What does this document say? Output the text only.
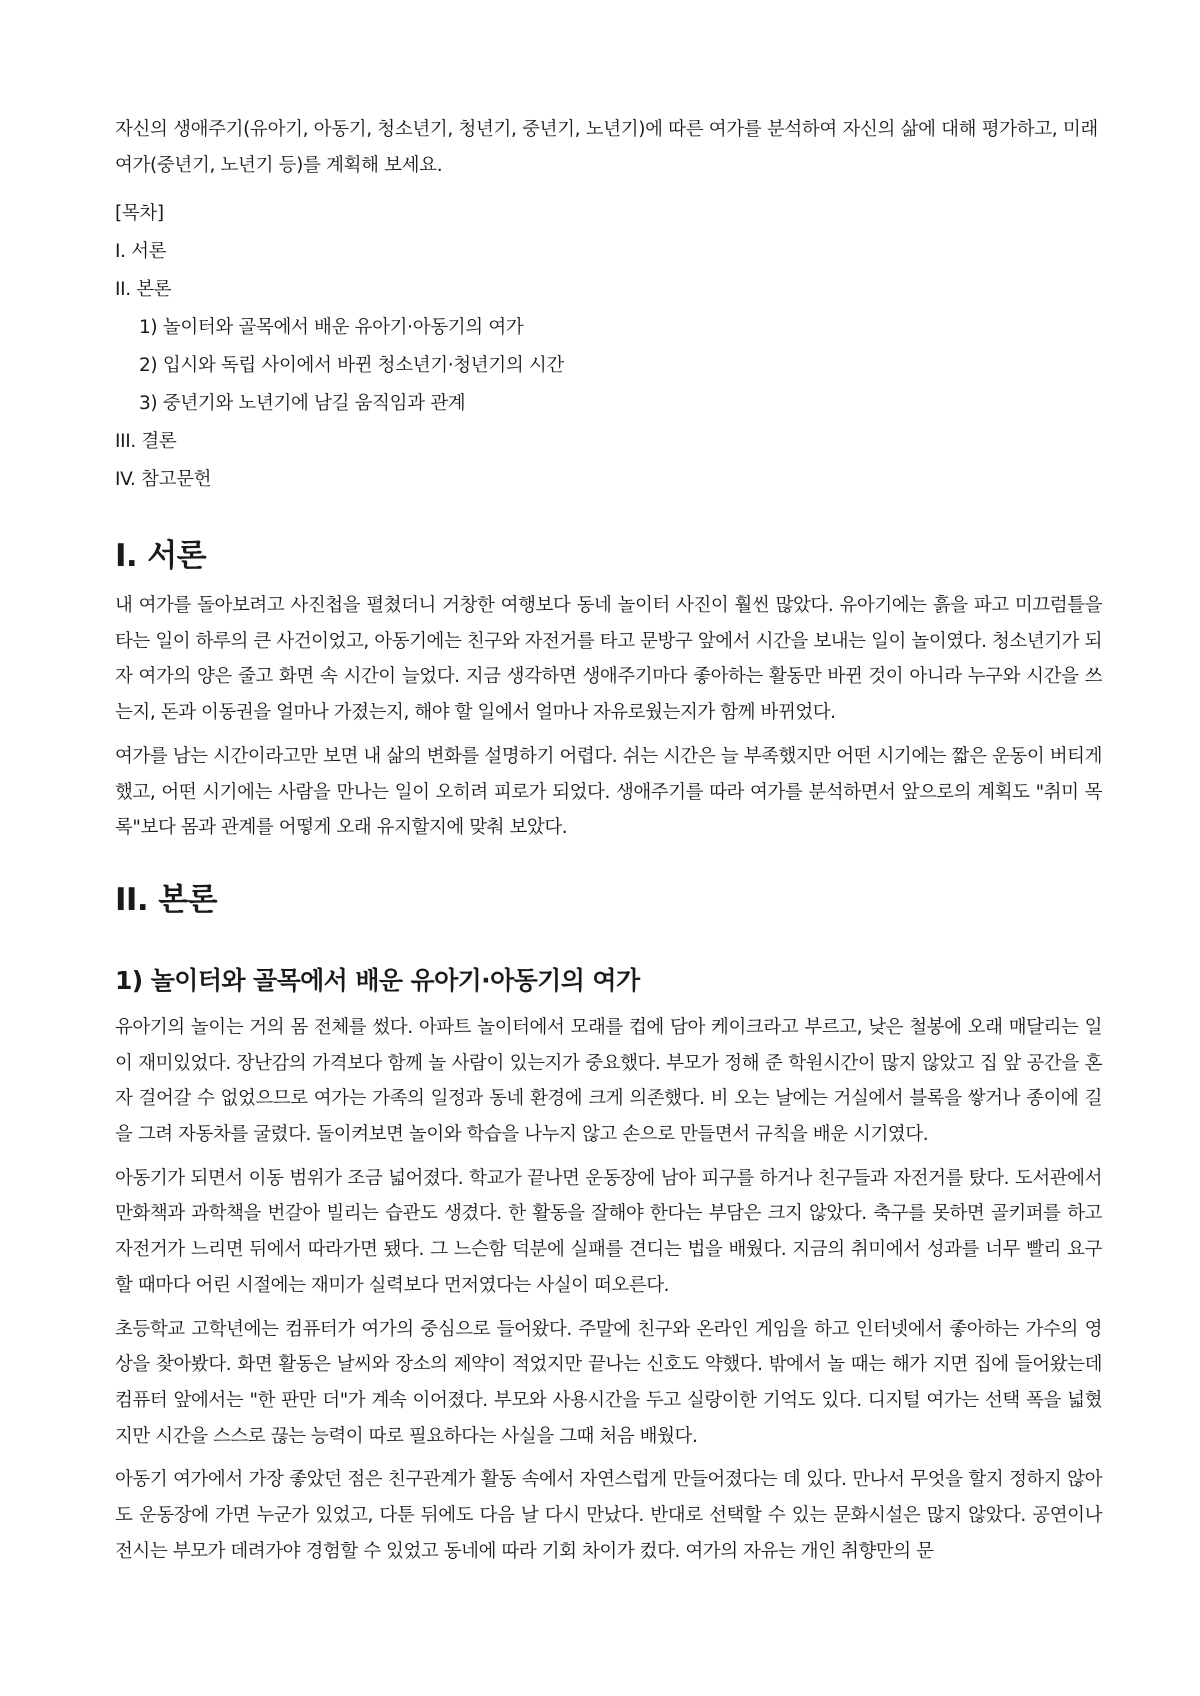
자신의 생애주기(유아기, 아동기, 청소년기, 청년기, 중년기, 노년기)에 따른 여가를 분석하여 자신의 삶에 대해 평가하고, 미래 여가(중년기, 노년기 등)를 계획해 보세요.

[목차]

I. 서론

II. 본론

1) 놀이터와 골목에서 배운 유아기·아동기의 여가

2) 입시와 독립 사이에서 바뀐 청소년기·청년기의 시간

3) 중년기와 노년기에 남길 움직임과 관계

III. 결론

IV. 참고문헌

I. 서론

내 여가를 돌아보려고 사진첩을 펼쳤더니 거창한 여행보다 동네 놀이터 사진이 훨씬 많았다. 유아기에는 흙을 파고 미끄럼틀을 타는 일이 하루의 큰 사건이었고, 아동기에는 친구와 자전거를 타고 문방구 앞에서 시간을 보내는 일이 놀이였다. 청소년기가 되자 여가의 양은 줄고 화면 속 시간이 늘었다. 지금 생각하면 생애주기마다 좋아하는 활동만 바뀐 것이 아니라 누구와 시간을 쓰는지, 돈과 이동권을 얼마나 가졌는지, 해야 할 일에서 얼마나 자유로웠는지가 함께 바뀌었다.

여가를 남는 시간이라고만 보면 내 삶의 변화를 설명하기 어렵다. 쉬는 시간은 늘 부족했지만 어떤 시기에는 짧은 운동이 버티게 했고, 어떤 시기에는 사람을 만나는 일이 오히려 피로가 되었다. 생애주기를 따라 여가를 분석하면서 앞으로의 계획도 "취미 목록"보다 몸과 관계를 어떻게 오래 유지할지에 맞춰 보았다.

II. 본론
1) 놀이터와 골목에서 배운 유아기·아동기의 여가

유아기의 놀이는 거의 몸 전체를 썼다. 아파트 놀이터에서 모래를 컵에 담아 케이크라고 부르고, 낮은 철봉에 오래 매달리는 일이 재미있었다. 장난감의 가격보다 함께 놀 사람이 있는지가 중요했다. 부모가 정해 준 학원시간이 많지 않았고 집 앞 공간을 혼자 걸어갈 수 없었으므로 여가는 가족의 일정과 동네 환경에 크게 의존했다. 비 오는 날에는 거실에서 블록을 쌓거나 종이에 길을 그려 자동차를 굴렸다. 돌이켜보면 놀이와 학습을 나누지 않고 손으로 만들면서 규칙을 배운 시기였다.

아동기가 되면서 이동 범위가 조금 넓어졌다. 학교가 끝나면 운동장에 남아 피구를 하거나 친구들과 자전거를 탔다. 도서관에서 만화책과 과학책을 번갈아 빌리는 습관도 생겼다. 한 활동을 잘해야 한다는 부담은 크지 않았다. 축구를 못하면 골키퍼를 하고 자전거가 느리면 뒤에서 따라가면 됐다. 그 느슨함 덕분에 실패를 견디는 법을 배웠다. 지금의 취미에서 성과를 너무 빨리 요구할 때마다 어린 시절에는 재미가 실력보다 먼저였다는 사실이 떠오른다.

초등학교 고학년에는 컴퓨터가 여가의 중심으로 들어왔다. 주말에 친구와 온라인 게임을 하고 인터넷에서 좋아하는 가수의 영상을 찾아봤다. 화면 활동은 날씨와 장소의 제약이 적었지만 끝나는 신호도 약했다. 밖에서 놀 때는 해가 지면 집에 들어왔는데 컴퓨터 앞에서는 "한 판만 더"가 계속 이어졌다. 부모와 사용시간을 두고 실랑이한 기억도 있다. 디지털 여가는 선택 폭을 넓혔지만 시간을 스스로 끊는 능력이 따로 필요하다는 사실을 그때 처음 배웠다.

아동기 여가에서 가장 좋았던 점은 친구관계가 활동 속에서 자연스럽게 만들어졌다는 데 있다. 만나서 무엇을 할지 정하지 않아도 운동장에 가면 누군가 있었고, 다툰 뒤에도 다음 날 다시 만났다. 반대로 선택할 수 있는 문화시설은 많지 않았다. 공연이나 전시는 부모가 데려가야 경험할 수 있었고 동네에 따라 기회 차이가 컸다. 여가의 자유는 개인 취향만의 문
